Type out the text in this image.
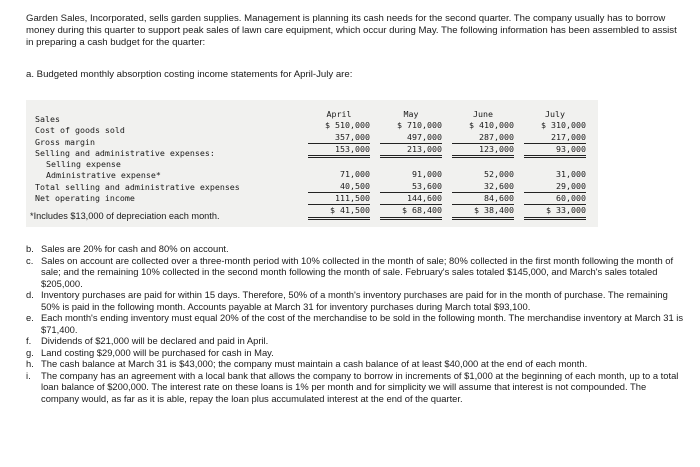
Garden Sales, Incorporated, sells garden supplies. Management is planning its cash needs for the second quarter. The company usually has to borrow money during this quarter to support peak sales of lawn care equipment, which occur during May. The following information has been assembled to assist in preparing a cash budget for the quarter:

a. Budgeted monthly absorption costing income statements for April-July are:

Sales
Cost of goods sold
Gross margin
Selling and administrative expenses:
Selling expense
Administrative expense*
Total selling and administrative expenses
Net operating income
April
$ 510,000
357,000
153,000
71,000
40,500
111,500
$ 41,500
May
$ 710,000
497,000
213,000
91,000
53,600
144,600
$ 68,400
June
$ 410,000
287,000
123,000
52,000
32,600
84,600
$ 38,400
July
$ 310,000
217,000
93,000
31,000
29,000
60,000
$ 33,000

*Includes $13,000 of depreciation each month.

b. Sales are 20% for cash and 80% on account.
c. Sales on account are collected over a three-month period with 10% collected in the month of sale; 80% collected in the first month following the month of sale; and the remaining 10% collected in the second month following the month of sale. February's sales totaled $145,000, and March's sales totaled $205,000.
d. Inventory purchases are paid for within 15 days. Therefore, 50% of a month's inventory purchases are paid for in the month of purchase. The remaining 50% is paid in the following month. Accounts payable at March 31 for inventory purchases during March total $93,100.
e. Each month's ending inventory must equal 20% of the cost of the merchandise to be sold in the following month. The merchandise inventory at March 31 is $71,400.
f. Dividends of $21,000 will be declared and paid in April.
g. Land costing $29,000 will be purchased for cash in May.
h. The cash balance at March 31 is $43,000; the company must maintain a cash balance of at least $40,000 at the end of each month.
i. The company has an agreement with a local bank that allows the company to borrow in increments of $1,000 at the beginning of each month, up to a total loan balance of $200,000. The interest rate on these loans is 1% per month and for simplicity we will assume that interest is not compounded. The company would, as far as it is able, repay the loan plus accumulated interest at the end of the quarter.
